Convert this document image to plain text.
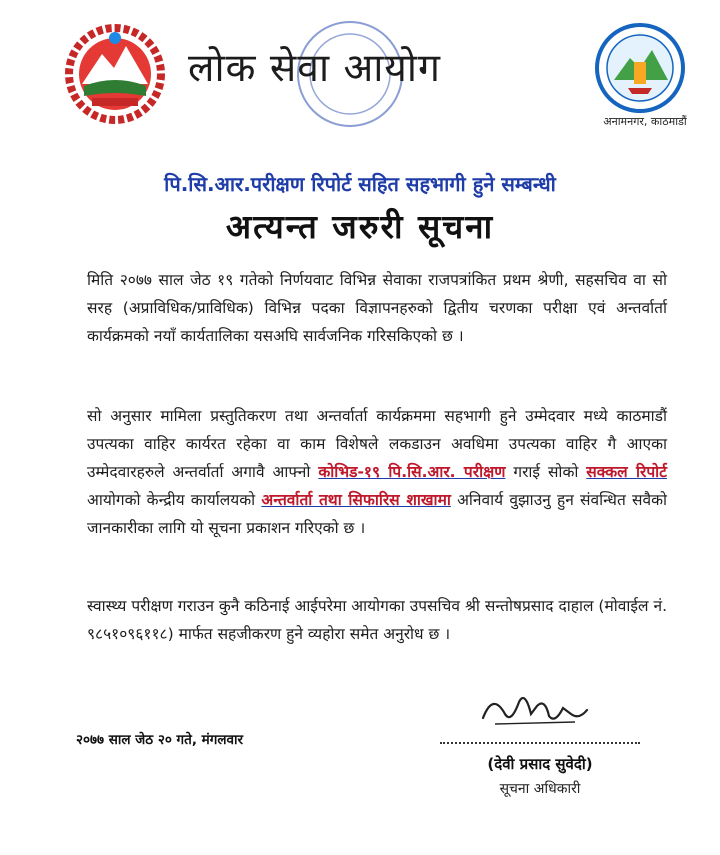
लोक सेवा आयोग
अनामनगर, काठमाडौं
पि.सि.आर.परीक्षण रिपोर्ट सहित सहभागी हुने सम्बन्धी
अत्यन्त जरुरी सूचना
मिति २०७७ साल जेठ १९ गतेको निर्णयवाट विभिन्न सेवाका राजपत्रांकित प्रथम श्रेणी, सहसचिव वा सो सरह (अप्राविधिक/प्राविधिक) विभिन्न पदका विज्ञापनहरुको द्वितीय चरणका परीक्षा एवं अन्तर्वार्ता कार्यक्रमको नयाँ कार्यतालिका यसअघि सार्वजनिक गरिसकिएको छ ।
सो अनुसार मामिला प्रस्तुतिकरण तथा अन्तर्वार्ता कार्यक्रममा सहभागी हुने उम्मेदवार मध्ये काठमाडौं उपत्यका वाहिर कार्यरत रहेका वा काम विशेषले लकडाउन अवधिमा उपत्यका वाहिर गै आएका उम्मेदवारहरुले अन्तर्वार्ता अगावै आफ्नो कोभिड-१९ पि.सि.आर. परीक्षण गराई सोको सक्कल रिपोर्ट आयोगको केन्द्रीय कार्यालयको अन्तर्वार्ता तथा सिफारिस शाखामा अनिवार्य वुझाउनु हुन संवन्धित सवैको जानकारीका लागि यो सूचना प्रकाशन गरिएको छ ।
स्वास्थ्य परीक्षण गराउन कुनै कठिनाई आईपरेमा आयोगका उपसचिव श्री सन्तोषप्रसाद दाहाल (मोवाईल नं. ९८५१०९६११८) मार्फत सहजीकरण हुने व्यहोरा समेत अनुरोध छ ।
२०७७ साल जेठ २० गते, मंगलवार
(देवी प्रसाद सुवेदी)
सूचना अधिकारी
